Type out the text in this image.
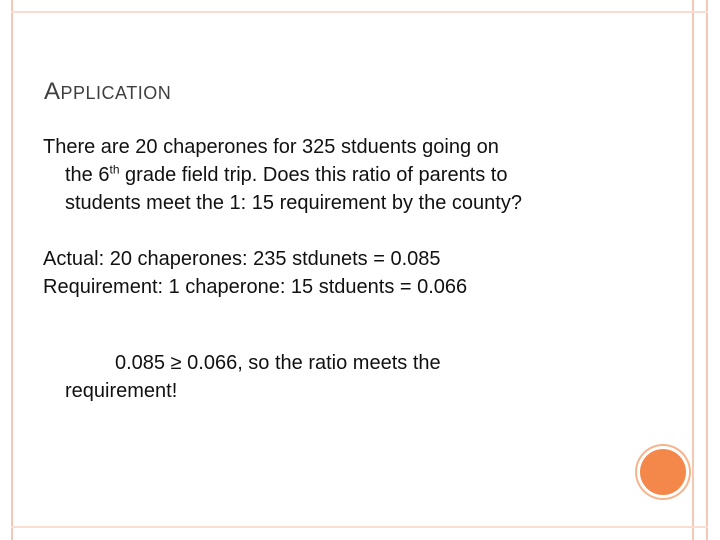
APPLICATION
There are 20 chaperones for 325 stduents going on
the 6th grade field trip. Does this ratio of parents to
students meet the 1: 15 requirement by the county?
Actual: 20 chaperones: 235 stdunets = 0.085
Requirement: 1 chaperone: 15 stduents = 0.066
0.085 ≥ 0.066, so the ratio meets the
requirement!
